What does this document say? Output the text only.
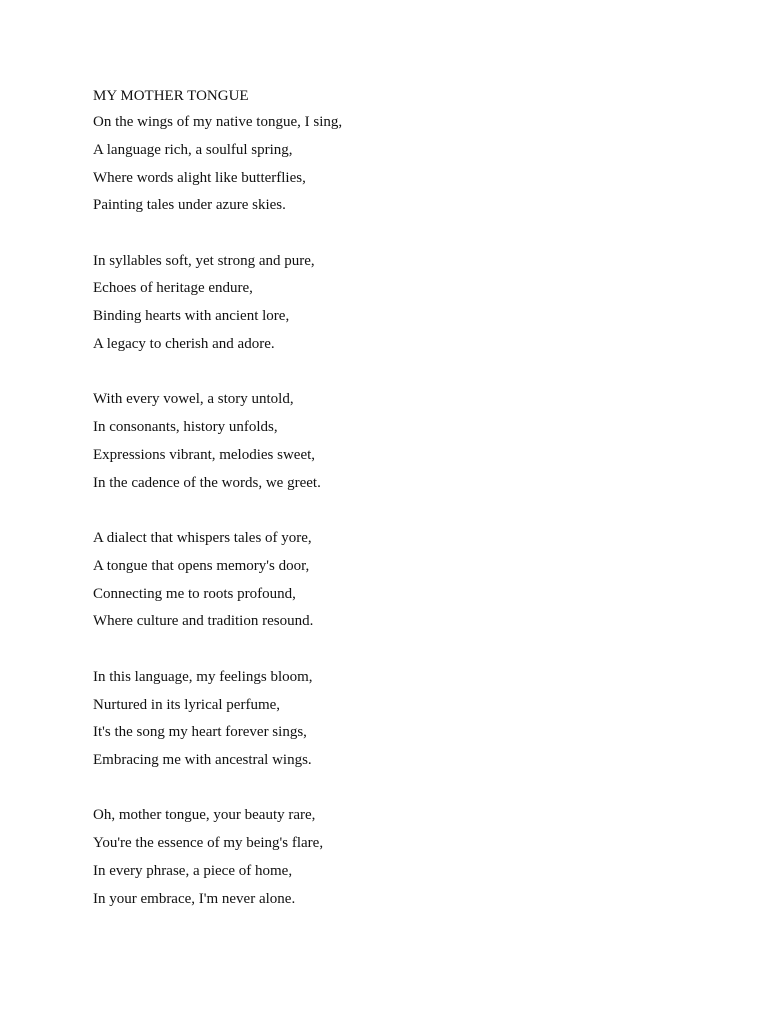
MY MOTHER TONGUE
On the wings of my native tongue, I sing,
A language rich, a soulful spring,
Where words alight like butterflies,
Painting tales under azure skies.
In syllables soft, yet strong and pure,
Echoes of heritage endure,
Binding hearts with ancient lore,
A legacy to cherish and adore.
With every vowel, a story untold,
In consonants, history unfolds,
Expressions vibrant, melodies sweet,
In the cadence of the words, we greet.
A dialect that whispers tales of yore,
A tongue that opens memory's door,
Connecting me to roots profound,
Where culture and tradition resound.
In this language, my feelings bloom,
Nurtured in its lyrical perfume,
It's the song my heart forever sings,
Embracing me with ancestral wings.
Oh, mother tongue, your beauty rare,
You're the essence of my being's flare,
In every phrase, a piece of home,
In your embrace, I'm never alone.
